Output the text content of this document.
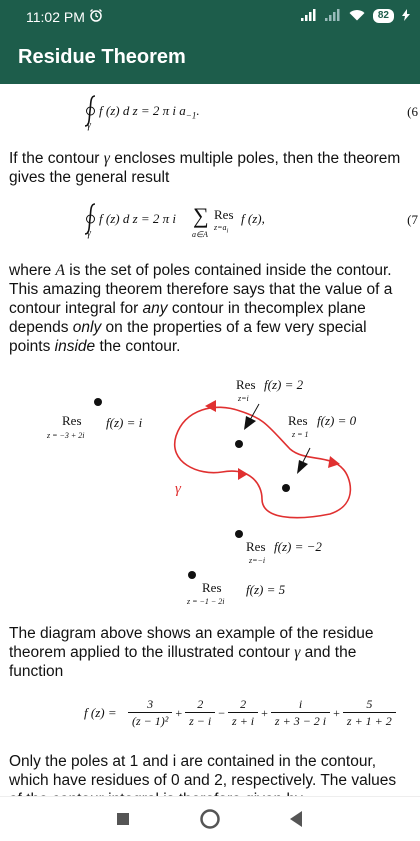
11:02 PM	82
Residue Theorem
γ
f (z) d z = 2 π i $a_{-1}$.	(6
If the contour γ encloses multiple poles, then the theorem gives the general result
γ
f (z) d z = 2 π i ∑
a∈A
Res
$z=a_i$
f (z),	(7
where A is the set of poles contained inside the contour. This amazing theorem therefore says that the value of a contour integral for any contour in thecomplex plane depends only on the properties of a few very special points inside the contour.
Res
z=i
f(z) = 2
Res
z = 1
f(z) = 0
Res
z = −3 + 2i
f(z) = i
γ
Res
z=−i
f(z) = −2
Res
z = −1 − 2i
f(z) = 5
The diagram above shows an example of the residue theorem applied to the illustrated contour γ and the function
f $(z) = \frac{3}{\text{(z − 1)²}} + \frac{2}{z - i} - \frac{2}{z + i} + \frac{i}{z + 3 - 2 i} + \frac{5}{z + 1 + 2}$
Only the poles at 1 and i are contained in the contour, which have residues of 0 and 2, respectively. The values
